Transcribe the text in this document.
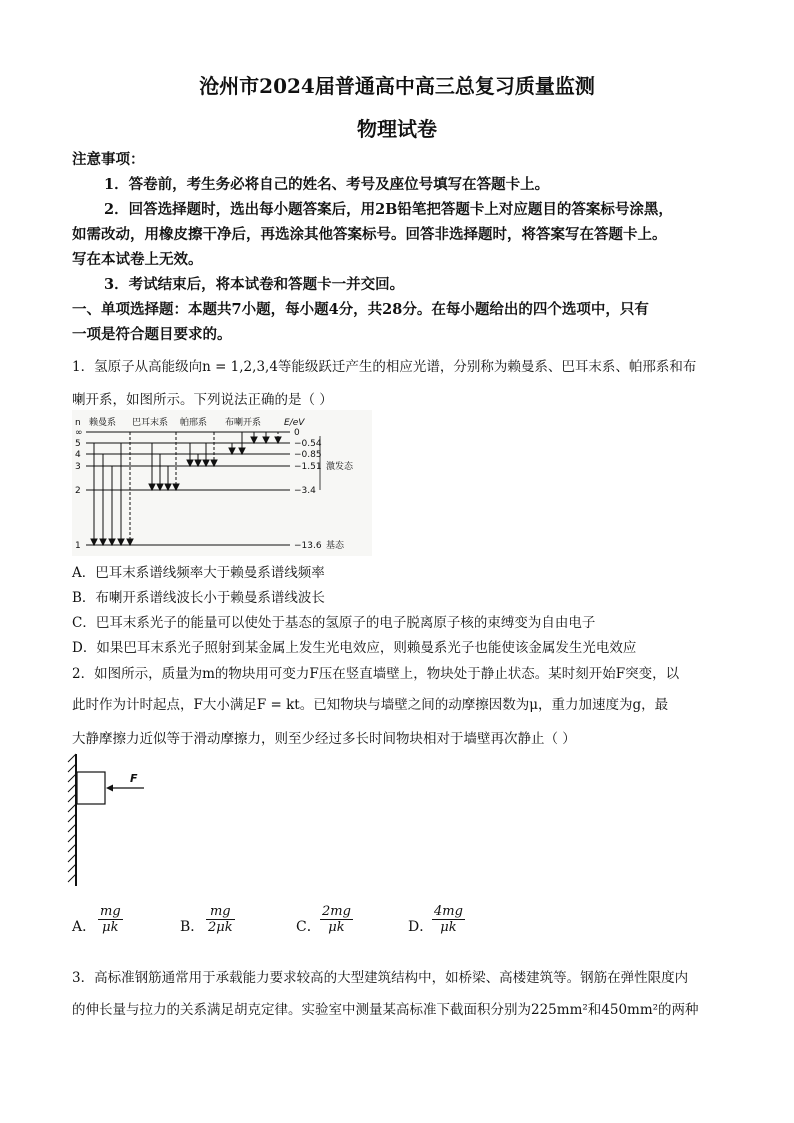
沧州市2024届普通高中高三总复习质量监测
物理试卷
注意事项：
1．答卷前，考生务必将自己的姓名、考号及座位号填写在答题卡上。
2．回答选择题时，选出每小题答案后，用2B铅笔把答题卡上对应题目的答案标号涂黑，
如需改动，用橡皮擦干净后，再选涂其他答案标号。回答非选择题时，将答案写在答题卡上。
写在本试卷上无效。
3．考试结束后，将本试卷和答题卡一并交回。
一、单项选择题：本题共7小题，每小题4分，共28分。在每小题给出的四个选项中，只有
一项是符合题目要求的。
1．氢原子从高能级向n = 1,2,3,4等能级跃迁产生的相应光谱，分别称为赖曼系、巴耳末系、帕邢系和布
喇开系，如图所示。下列说法正确的是（ ）
n 赖曼系 巴耳末系 帕邢系 布喇开系	E/eV
∞
5
4
3
2
1
0
−0.54
−0.85
−1.51
−3.4
−13.6
激发态
基态
A．巴耳末系谱线频率大于赖曼系谱线频率
B．布喇开系谱线波长小于赖曼系谱线波长
C．巴耳末系光子的能量可以使处于基态的氢原子的电子脱离原子核的束缚变为自由电子
D．如果巴耳末系光子照射到某金属上发生光电效应，则赖曼系光子也能使该金属发生光电效应
2．如图所示，质量为m的物块用可变力F压在竖直墙壁上，物块处于静止状态。某时刻开始F突变，以
此时作为计时起点，F大小满足F = kt。已知物块与墙壁之间的动摩擦因数为μ，重力加速度为g，最
大静摩擦力近似等于滑动摩擦力，则至少经过多长时间物块相对于墙壁再次静止（ ）
F
A． $\frac{mg}{\mu k}$	B． $\frac{mg}{2\mu k}$	C． $\frac{2mg}{\mu k}$	D．
$\frac{4mg}{\mu k}$
3．高标准钢筋通常用于承载能力要求较高的大型建筑结构中，如桥梁、高楼建筑等。钢筋在弹性限度内
的伸长量与拉力的关系满足胡克定律。实验室中测量某高标准下截面积分别为225mm²和450mm²的两种
